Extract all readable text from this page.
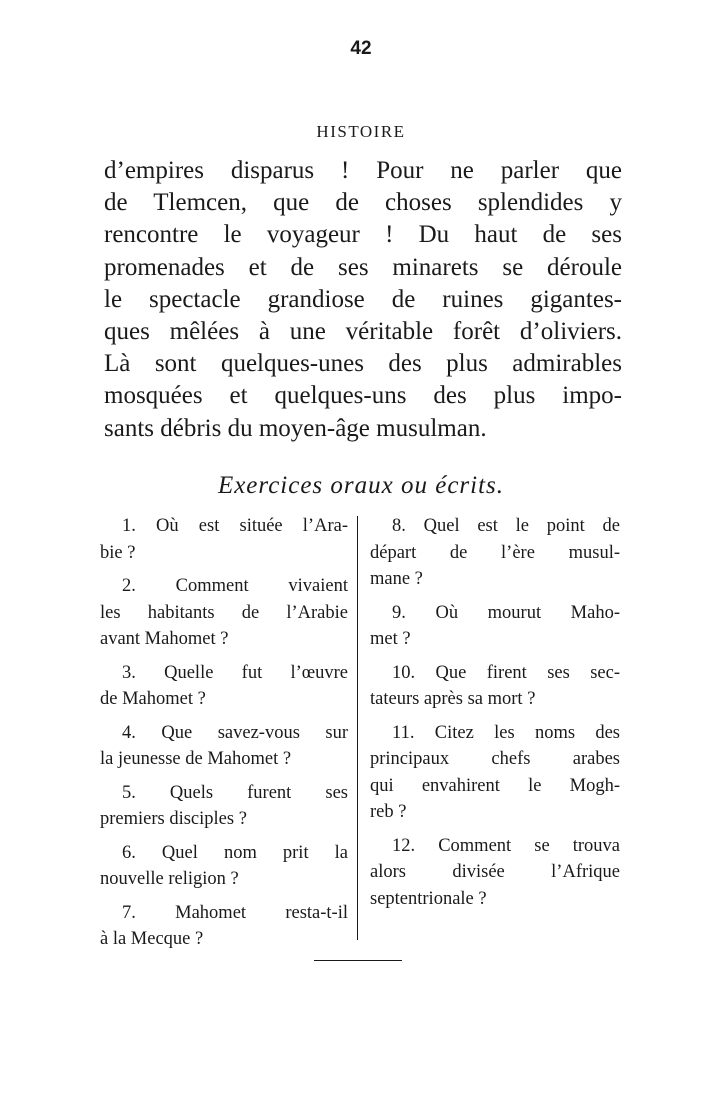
42
HISTOIRE
d’empires disparus ! Pour ne parler que
de Tlemcen, que de choses splendides y
rencontre le voyageur ! Du haut de ses
promenades et de ses minarets se déroule
le spectacle grandiose de ruines gigantes-
ques mêlées à une véritable forêt d’oliviers.
Là sont quelques-unes des plus admirables
mosquées et quelques-uns des plus impo-
sants débris du moyen-âge musulman.
Exercices oraux ou écrits.
1. Où est située l’Ara-
bie ?
2. Comment vivaient
les habitants de l’Arabie
avant Mahomet ?
3. Quelle fut l’œuvre
de Mahomet ?
4. Que savez-vous sur
la jeunesse de Mahomet ?
5. Quels furent ses
premiers disciples ?
6. Quel nom prit la
nouvelle religion ?
7. Mahomet resta-t-il
à la Mecque ?
8. Quel est le point de
départ de l’ère musul-
mane ?
9. Où mourut Maho-
met ?
10. Que firent ses sec-
tateurs après sa mort ?
11. Citez les noms des
principaux chefs arabes
qui envahirent le Mogh-
reb ?
12. Comment se trouva
alors divisée l’Afrique
septentrionale ?
